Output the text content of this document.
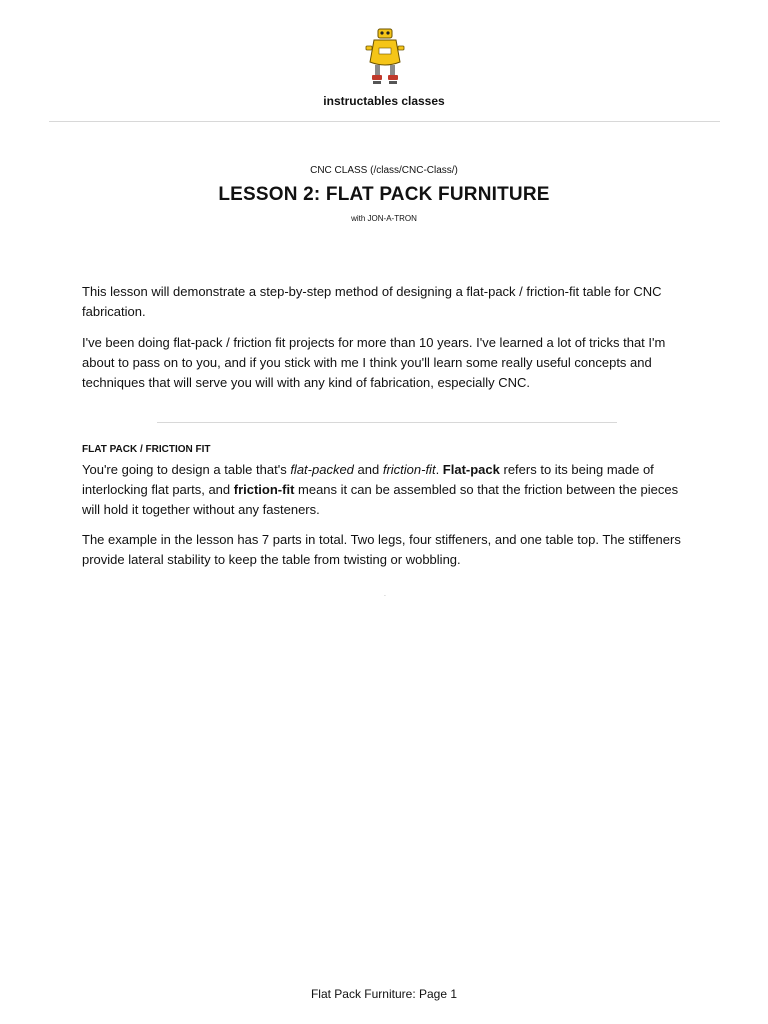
instructables classes
CNC CLASS (/class/CNC-Class/)
LESSON 2: FLAT PACK FURNITURE
with JON-A-TRON

This lesson will demonstrate a step-by-step method of designing a flat-pack / friction-fit table for CNC fabrication.

I've been doing flat-pack / friction fit projects for more than 10 years. I've learned a lot of tricks that I'm about to pass on to you, and if you stick with me I think you'll learn some really useful concepts and techniques that will serve you will with any kind of fabrication, especially CNC.

FLAT PACK / FRICTION FIT

You're going to design a table that's flat-packed and friction-fit. Flat-pack refers to its being made of interlocking flat parts, and friction-fit means it can be assembled so that the friction between the pieces will hold it together without any fasteners.

The example in the lesson has 7 parts in total. Two legs, four stiffeners, and one table top. The stiffeners provide lateral stability to keep the table from twisting or wobbling.

`
Flat Pack Furniture: Page 1
